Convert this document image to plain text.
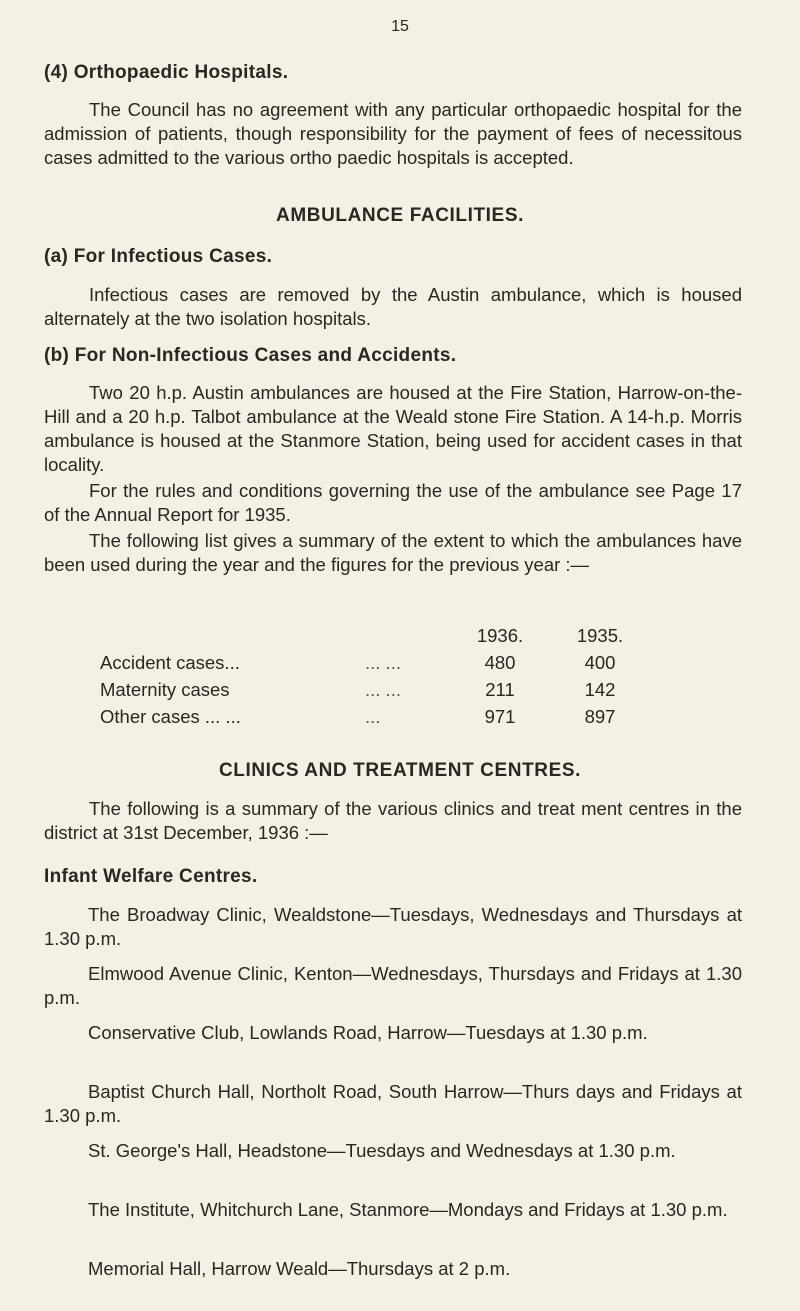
15
(4) Orthopaedic Hospitals.
The Council has no agreement with any particular orthopaedic hospital for the admission of patients, though responsibility for the payment of fees of necessitous cases admitted to the various ortho paedic hospitals is accepted.
AMBULANCE FACILITIES.
(a) For Infectious Cases.
Infectious cases are removed by the Austin ambulance, which is housed alternately at the two isolation hospitals.
(b) For Non-Infectious Cases and Accidents.
Two 20 h.p. Austin ambulances are housed at the Fire Station, Harrow-on-the-Hill and a 20 h.p. Talbot ambulance at the Weald stone Fire Station. A 14-h.p. Morris ambulance is housed at the Stanmore Station, being used for accident cases in that locality.
For the rules and conditions governing the use of the ambulance see Page 17 of the Annual Report for 1935.
The following list gives a summary of the extent to which the ambulances have been used during the year and the figures for the previous year :—
		1936.	1935.
Accident cases...	... ...	480	400
Maternity cases	... ...	211	142
Other cases ... ...	...	971	897
CLINICS AND TREATMENT CENTRES.
The following is a summary of the various clinics and treat ment centres in the district at 31st December, 1936 :—
Infant Welfare Centres.
The Broadway Clinic, Wealdstone—Tuesdays, Wednesdays and Thursdays at 1.30 p.m.
Elmwood Avenue Clinic, Kenton—Wednesdays, Thursdays and Fridays at 1.30 p.m.
Conservative Club, Lowlands Road, Harrow—Tuesdays at 1.30 p.m.
Baptist Church Hall, Northolt Road, South Harrow—Thurs days and Fridays at 1.30 p.m.
St. George's Hall, Headstone—Tuesdays and Wednesdays at 1.30 p.m.
The Institute, Whitchurch Lane, Stanmore—Mondays and Fridays at 1.30 p.m.
Memorial Hall, Harrow Weald—Thursdays at 2 p.m.
